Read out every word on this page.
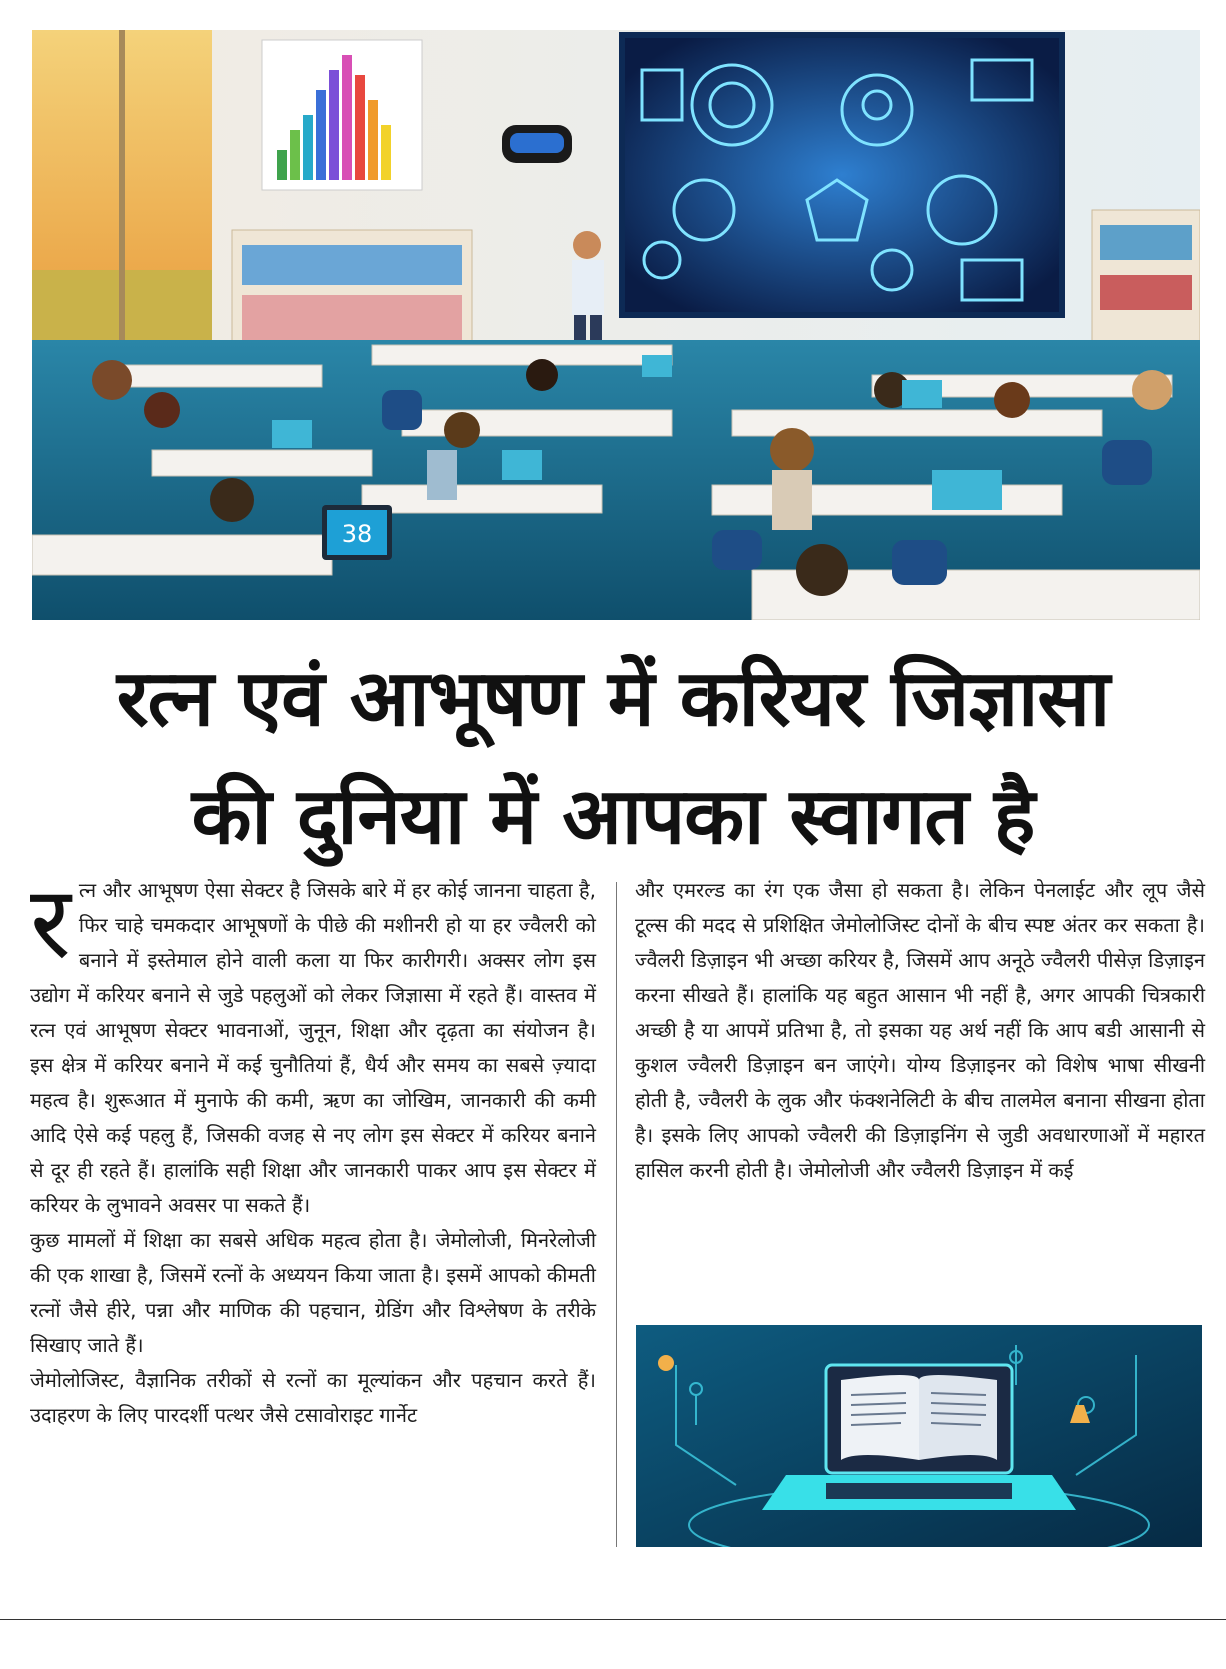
38
रत्न एवं आभूषण में करियर जिज्ञासा
की दुनिया में आपका स्वागत है

रत्न और आभूषण ऐसा सेक्टर है जिसके बारे में हर कोई जानना चाहता है, फिर चाहे चमकदार आभूषणों के पीछे की मशीनरी हो या हर ज्वैलरी को बनाने में इस्तेमाल होने वाली कला या फिर कारीगरी। अक्सर लोग इस उद्योग में करियर बनाने से जुडे पहलुओं को लेकर जिज्ञासा में रहते हैं। वास्तव में रत्न एवं आभूषण सेक्टर भावनाओं, जुनून, शिक्षा और दृढ़ता का संयोजन है। इस क्षेत्र में करियर बनाने में कई चुनौतियां हैं, धैर्य और समय का सबसे ज़्यादा महत्व है। शुरूआत में मुनाफे की कमी, ऋण का जोखिम, जानकारी की कमी आदि ऐसे कई पहलु हैं, जिसकी वजह से नए लोग इस सेक्टर में करियर बनाने से दूर ही रहते हैं। हालांकि सही शिक्षा और जानकारी पाकर आप इस सेक्टर में करियर के लुभावने अवसर पा सकते हैं।

कुछ मामलों में शिक्षा का सबसे अधिक महत्व होता है। जेमोलोजी, मिनरेलोजी की एक शाखा है, जिसमें रत्नों के अध्ययन किया जाता है। इसमें आपको कीमती रत्नों जैसे हीरे, पन्ना और माणिक की पहचान, ग्रेडिंग और विश्लेषण के तरीके सिखाए जाते हैं।

जेमोलोजिस्ट, वैज्ञानिक तरीकों से रत्नों का मूल्यांकन और पहचान करते हैं। उदाहरण के लिए पारदर्शी पत्थर जैसे टसावोराइट गार्नेट

और एमरल्ड का रंग एक जैसा हो सकता है। लेकिन पेनलाईट और लूप जैसे टूल्स की मदद से प्रशिक्षित जेमोलोजिस्ट दोनों के बीच स्पष्ट अंतर कर सकता है। ज्वैलरी डिज़ाइन भी अच्छा करियर है, जिसमें आप अनूठे ज्वैलरी पीसेज़ डिज़ाइन करना सीखते हैं। हालांकि यह बहुत आसान भी नहीं है, अगर आपकी चित्रकारी अच्छी है या आपमें प्रतिभा है, तो इसका यह अर्थ नहीं कि आप बडी आसानी से कुशल ज्वैलरी डिज़ाइन बन जाएंगे। योग्य डिज़ाइनर को विशेष भाषा सीखनी होती है, ज्वैलरी के लुक और फंक्शनेलिटी के बीच तालमेल बनाना सीखना होता है। इसके लिए आपको ज्वैलरी की डिज़ाइनिंग से जुडी अवधारणाओं में महारत हासिल करनी होती है। जेमोलोजी और ज्वैलरी डिज़ाइन में कई
